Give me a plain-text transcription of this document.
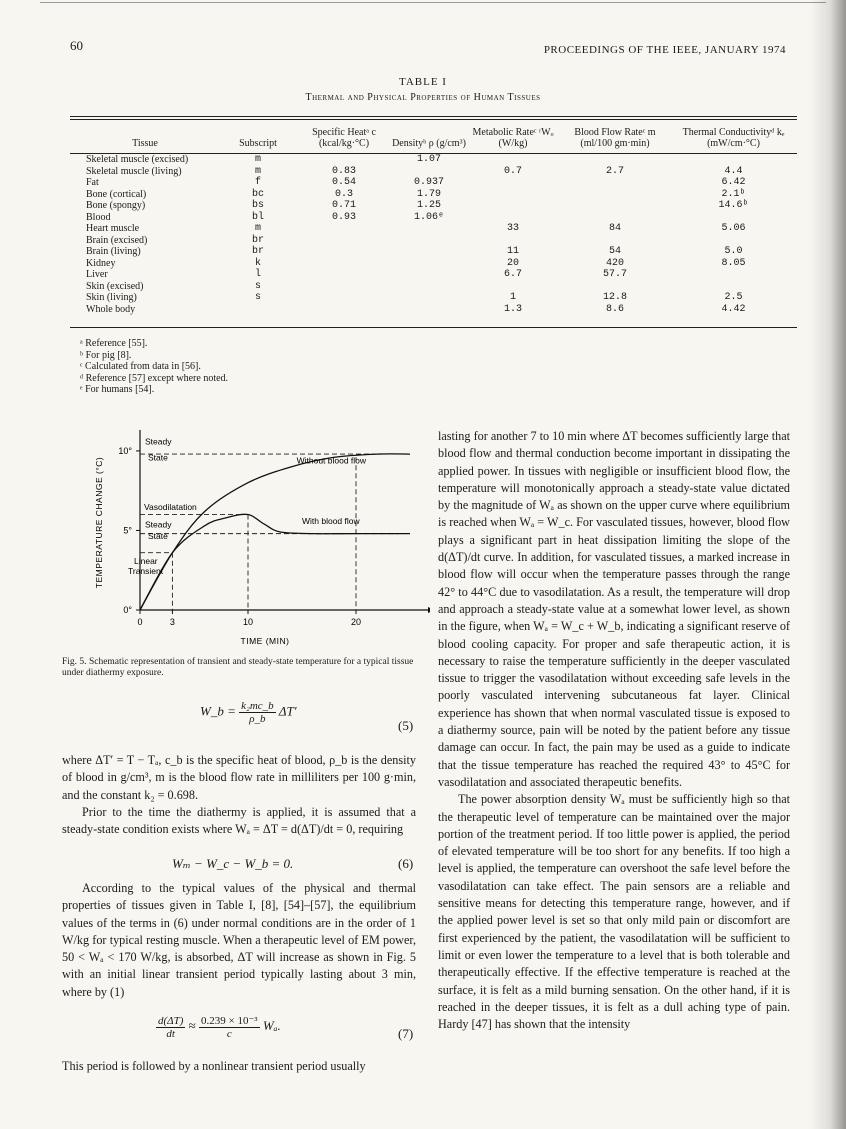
60	PROCEEDINGS OF THE IEEE, JANUARY 1974
TABLE I
Thermal and Physical Properties of Human Tissues
Tissue	Subscript	Specific Heatᵃ c (kcal/kg·°C)	Densityᵇ ρ (g/cm³)	Metabolic Rateᶜ ʳWₒ (W/kg)	Blood Flow Rateᶜ m (ml/100 gm·min)	Thermal Conductivityᵈ kₑ (mW/cm·°C)
Skeletal muscle (excised)	m		1.07			
Skeletal muscle (living)	m	0.83		0.7	2.7	4.4
Fat	f	0.54	0.937			6.42
Bone (cortical)	bc	0.3	1.79			2.1ᵇ
Bone (spongy)	bs	0.71	1.25			14.6ᵇ
Blood	bl	0.93	1.06ᵉ			
Heart muscle	m			33	84	5.06
Brain (excised)	br					
Brain (living)	br			11	54	5.0
Kidney	k			20	420	8.05
Liver	l			6.7	57.7	
Skin (excised)	s					
Skin (living)	s			1	12.8	2.5
Whole body				1.3	8.6	4.42
ᵃ Reference [55].
ᵇ For pig [8].
ᶜ Calculated from data in [56].
ᵈ Reference [57] except where noted.
ᵉ For humans [54].
0	3	10	20
0°
5°
10°
TIME (MIN)
TEMPERATURE CHANGE (°C)
Steady
State
Vasodilatation
Steady
State
Linear
Transient
Without blood flow
With blood flow
Fig. 5. Schematic representation of transient and steady-state temperature for a typical tissue under diathermy exposure.
W_b = $\frac{\text{k₂mc\_b}}{\rho\_b} \Delta T'$
(5)

where ΔT′ = T − Tₐ, c_b is the specific heat of blood, ρ_b is the density of blood in g/cm³, m is the blood flow rate in milliliters per 100 g·min, and the constant k₂ = 0.698.

Prior to the time the diathermy is applied, it is assumed that a steady-state condition exists where Wₐ = ΔT = d(ΔT)/dt = 0, requiring

Wₘ − W_c − W_b = 0.	(6)

According to the typical values of the physical and thermal properties of tissues given in Table I, [8], [54]–[57], the equilibrium values of the terms in (6) under normal conditions are in the order of 1 W/kg for typical resting muscle. When a therapeutic level of EM power, 50 < Wₐ < 170 W/kg, is absorbed, ΔT will increase as shown in Fig. 5 with an initial linear transient period typically lasting about 3 min, where by (1)

$\frac{d(\Delta T)}{dt} \approx \frac{\text{0.239 × 10⁻³}}{c} W_a$.
(7)

This period is followed by a nonlinear transient period usually

lasting for another 7 to 10 min where ΔT becomes sufficiently large that blood flow and thermal conduction become important in dissipating the applied power. In tissues with negligible or insufficient blood flow, the temperature will monotonically approach a steady-state value dictated by the magnitude of Wₐ as shown on the upper curve where equilibrium is reached when Wₐ = W_c. For vasculated tissues, however, blood flow plays a significant part in heat dissipation limiting the slope of the d(ΔT)/dt curve. In addition, for vasculated tissues, a marked increase in blood flow will occur when the temperature passes through the range 42° to 44°C due to vasodilatation. As a result, the temperature will drop and approach a steady-state value at a somewhat lower level, as shown in the figure, when Wₐ = W_c + W_b, indicating a significant reserve of blood cooling capacity. For proper and safe therapeutic action, it is necessary to raise the temperature sufficiently in the deeper vasculated tissue to trigger the vasodilatation without exceeding safe levels in the poorly vasculated intervening subcutaneous fat layer. Clinical experience has shown that when normal vasculated tissue is exposed to a diathermy source, pain will be noted by the patient before any tissue damage can occur. In fact, the pain may be used as a guide to indicate that the tissue temperature has reached the required 43° to 45°C for vasodilatation and associated therapeutic benefits.

The power absorption density Wₐ must be sufficiently high so that the therapeutic level of temperature can be maintained over the major portion of the treatment period. If too little power is applied, the period of elevated temperature will be too short for any benefits. If too high a level is applied, the temperature can overshoot the safe level before the vasodilatation can take effect. The pain sensors are a reliable and sensitive means for detecting this temperature range, however, and if the applied power level is set so that only mild pain or discomfort are first experienced by the patient, the vasodilatation will be sufficient to limit or even lower the temperature to a level that is both tolerable and therapeutically effective. If the effective temperature is reached at the surface, it is felt as a mild burning sensation. On the other hand, if it is reached in the deeper tissues, it is felt as a dull aching type of pain. Hardy [47] has shown that the intensity
